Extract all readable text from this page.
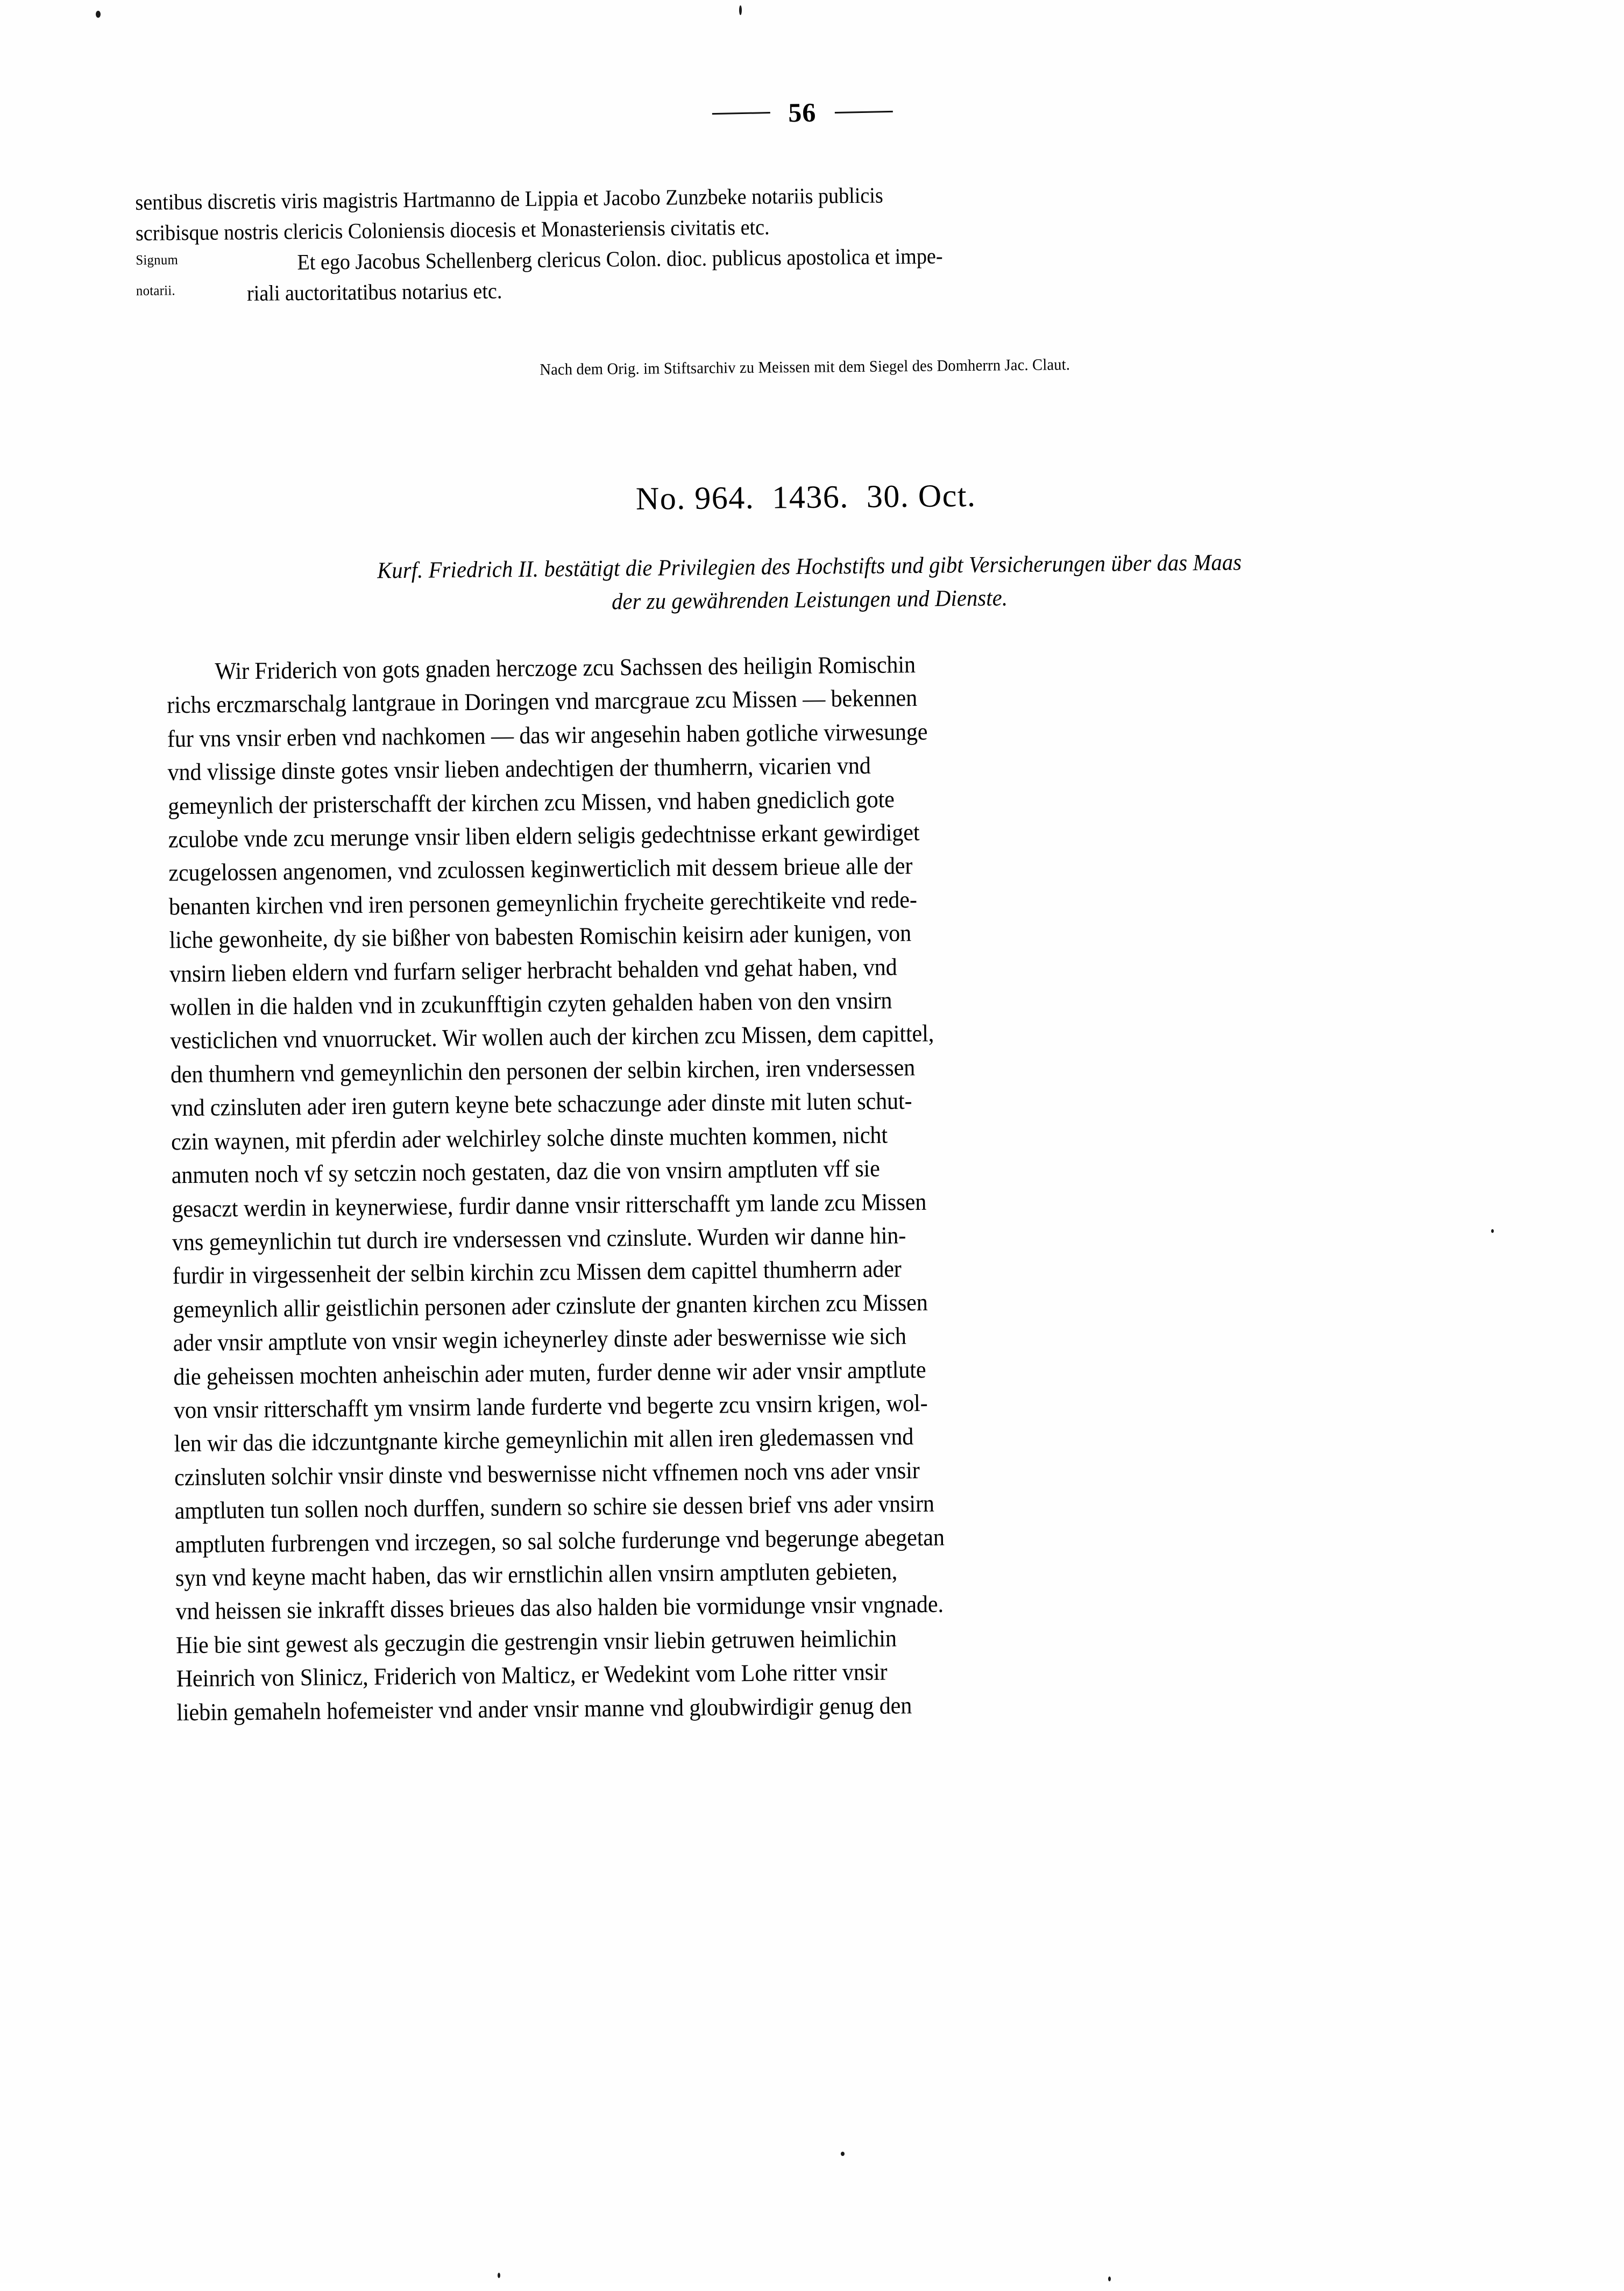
56
sentibus discretis viris magistris Hartmanno de Lippia et Jacobo Zunzbeke notariis publicis
scribisque nostris clericis Coloniensis diocesis et Monasteriensis civitatis etc.
Signum	Et ego Jacobus Schellenberg clericus Colon. dioc. publicus apostolica et impe-
notarii.	riali auctoritatibus notarius etc.
Nach dem Orig. im Stiftsarchiv zu Meissen mit dem Siegel des Domherrn Jac. Claut.
No. 964. 1436. 30. Oct.
Kurf. Friedrich II. bestätigt die Privilegien des Hochstifts und gibt Versicherungen über das Maas
der zu gewährenden Leistungen und Dienste.
Wir Friderich von gots gnaden herczoge zcu Sachssen des heiligin Romischin
richs erczmarschalg lantgraue in Doringen vnd marcgraue zcu Missen — bekennen
fur vns vnsir erben vnd nachkomen — das wir angesehin haben gotliche virwesunge
vnd vlissige dinste gotes vnsir lieben andechtigen der thumherrn, vicarien vnd
gemeynlich der pristerschafft der kirchen zcu Missen, vnd haben gnediclich gote
zculobe vnde zcu merunge vnsir liben eldern seligis gedechtnisse erkant gewirdiget
zcugelossen angenomen, vnd zculossen keginwerticlich mit dessem brieue alle der
benanten kirchen vnd iren personen gemeynlichin frycheite gerechtikeite vnd rede-
liche gewonheite, dy sie bißher von babesten Romischin keisirn ader kunigen, von
vnsirn lieben eldern vnd furfarn seliger herbracht behalden vnd gehat haben, vnd
wollen in die halden vnd in zcukunfftigin czyten gehalden haben von den vnsirn
vesticlichen vnd vnuorrucket. Wir wollen auch der kirchen zcu Missen, dem capittel,
den thumhern vnd gemeynlichin den personen der selbin kirchen, iren vndersessen
vnd czinsluten ader iren gutern keyne bete schaczunge ader dinste mit luten schut-
czin waynen, mit pferdin ader welchirley solche dinste muchten kommen, nicht
anmuten noch vf sy setczin noch gestaten, daz die von vnsirn amptluten vff sie
gesaczt werdin in keynerwiese, furdir danne vnsir ritterschafft ym lande zcu Missen
vns gemeynlichin tut durch ire vndersessen vnd czinslute. Wurden wir danne hin-
furdir in virgessenheit der selbin kirchin zcu Missen dem capittel thumherrn ader
gemeynlich allir geistlichin personen ader czinslute der gnanten kirchen zcu Missen
ader vnsir amptlute von vnsir wegin icheynerley dinste ader beswernisse wie sich
die geheissen mochten anheischin ader muten, furder denne wir ader vnsir amptlute
von vnsir ritterschafft ym vnsirm lande furderte vnd begerte zcu vnsirn krigen, wol-
len wir das die idczuntgnante kirche gemeynlichin mit allen iren gledemassen vnd
czinsluten solchir vnsir dinste vnd beswernisse nicht vffnemen noch vns ader vnsir
amptluten tun sollen noch durffen, sundern so schire sie dessen brief vns ader vnsirn
amptluten furbrengen vnd irczegen, so sal solche furderunge vnd begerunge abegetan
syn vnd keyne macht haben, das wir ernstlichin allen vnsirn amptluten gebieten,
vnd heissen sie inkrafft disses brieues das also halden bie vormidunge vnsir vngnade.
Hie bie sint gewest als geczugin die gestrengin vnsir liebin getruwen heimlichin
Heinrich von Slinicz, Friderich von Malticz, er Wedekint vom Lohe ritter vnsir
liebin gemaheln hofemeister vnd ander vnsir manne vnd gloubwirdigir genug den
